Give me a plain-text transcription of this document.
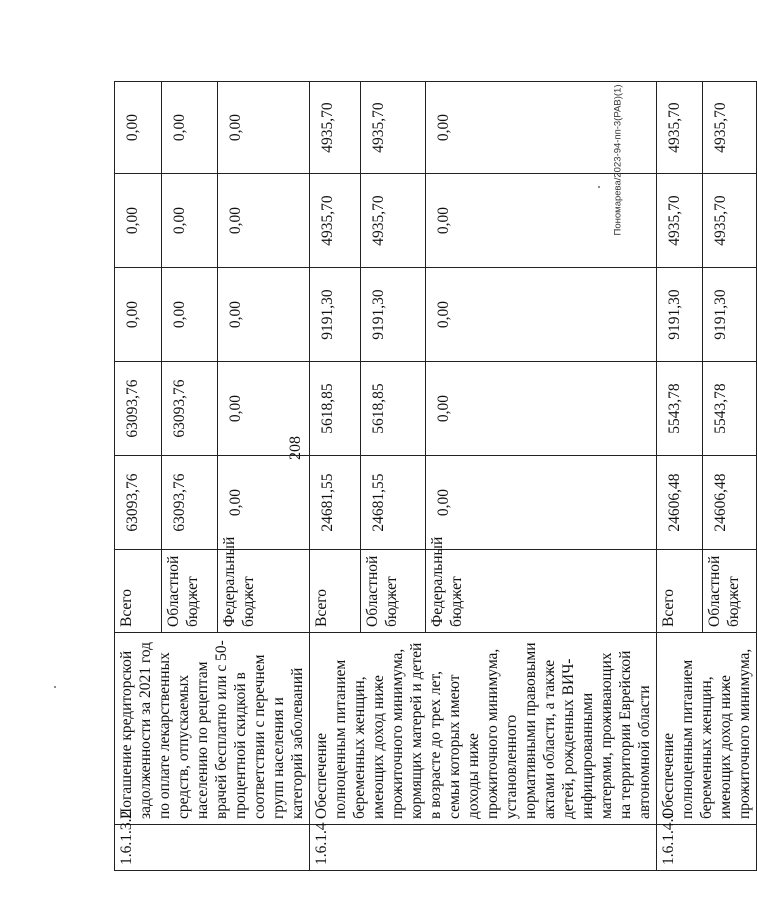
208
Пономарева/2023-94-пп-3(РАВ)(1)
1.6.1.3.2	Погашение кредиторской задолженности за 2021 год по оплате лекарственных средств, отпускаемых населению по рецептам врачей бесплатно или с 50-процентной скидкой в соответствии с перечнем групп населения и категорий заболеваний	Всего	63093,76	63093,76	0,00	0,00	0,00
		Областной бюджет	63093,76	63093,76	0,00	0,00	0,00
		Федеральный бюджет	0,00	0,00	0,00	0,00	0,00
1.6.1.4	Обеспечение полноценным питанием беременных женщин, имеющих доход ниже прожиточного минимума, кормящих матерей и детей в возрасте до трех лет, семьи которых имеют доходы ниже прожиточного минимума, установленного нормативными правовыми актами области, а также детей, рожденных ВИЧ-инфицированными матерями, проживающих на территории Еврейской автономной области	Всего	24681,55	5618,85	9191,30	4935,70	4935,70
		Областной бюджет	24681,55	5618,85	9191,30	4935,70	4935,70
		Федеральный бюджет	0,00	0,00	0,00	0,00	0,00
1.6.1.4.1	Обеспечение полноценным питанием беременных женщин, имеющих доход ниже прожиточного минимума,	Всего	24606,48	5543,78	9191,30	4935,70	4935,70
		Областной бюджет	24606,48	5543,78	9191,30	4935,70	4935,70
